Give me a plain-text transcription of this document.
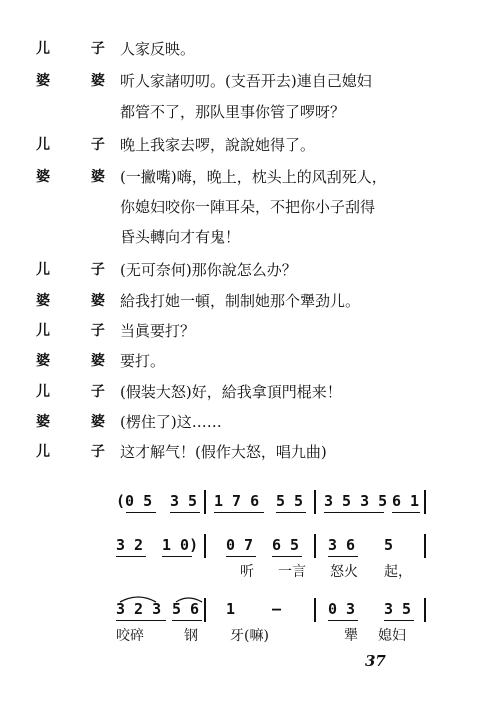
儿 子
人家反映。
婆 婆
听人家諸叨叨。(支吾开去)連自己媳妇
都管不了，那队里事你管了啰呀？
儿 子
晚上我家去啰，說說她得了。
婆 婆
(一撇嘴)嗨，晚上，枕头上的风刮死人，
你媳妇咬你一陣耳朵，不把你小子刮得
昏头轉向才有鬼！
儿 子
(无可奈何)那你說怎么办？
婆 婆
給我打她一頓，制制她那个犟劲儿。
儿 子
当眞要打？
婆 婆
要打。
儿 子
(假装大怒)好，給我拿頂門棍来！
婆 婆
(楞住了)这……
儿 子
这才解气！(假作大怒，唱九曲)
(0 5 3 5 1 7 6 5 5 3 5 3 5 6 1
3 2 1 0) 0 7 6 5 3 6 5
听 一言 怒火 起，
3 2 3 5 6 1 —	0 3 3 5
咬碎	钢 牙(嘛)	犟 媳妇
37
